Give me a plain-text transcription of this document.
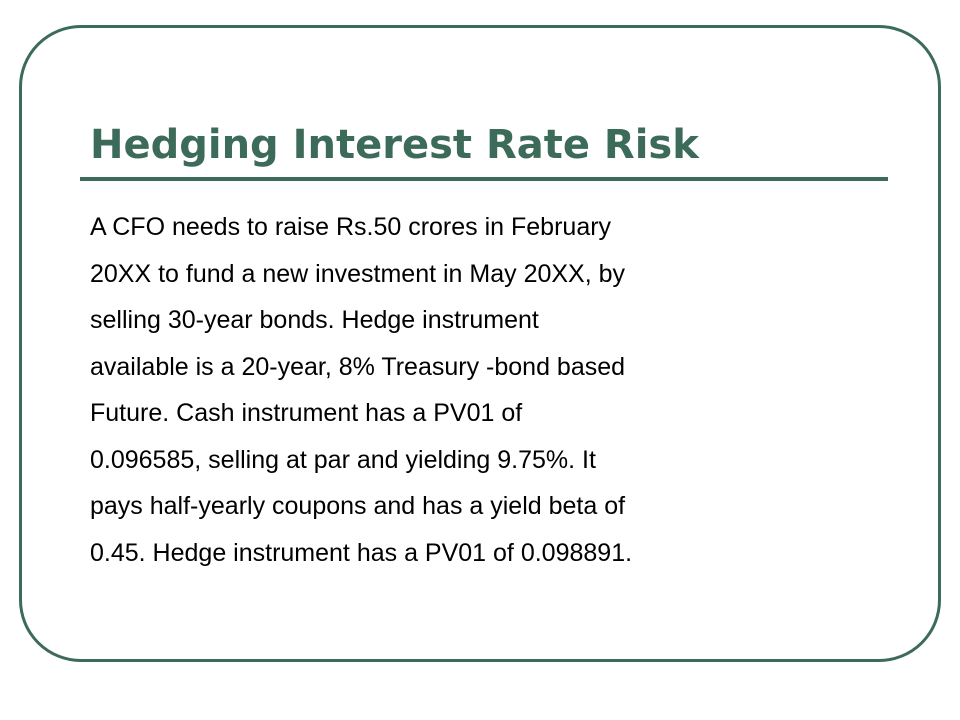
Hedging Interest Rate Risk

A CFO needs to raise Rs.50 crores in February
20XX to fund a new investment in May 20XX, by
selling 30-year bonds. Hedge instrument
available is a 20-year, 8% Treasury -bond based
Future. Cash instrument has a PV01 of
0.096585, selling at par and yielding 9.75%. It
pays half-yearly coupons and has a yield beta of
0.45. Hedge instrument has a PV01 of 0.098891.
